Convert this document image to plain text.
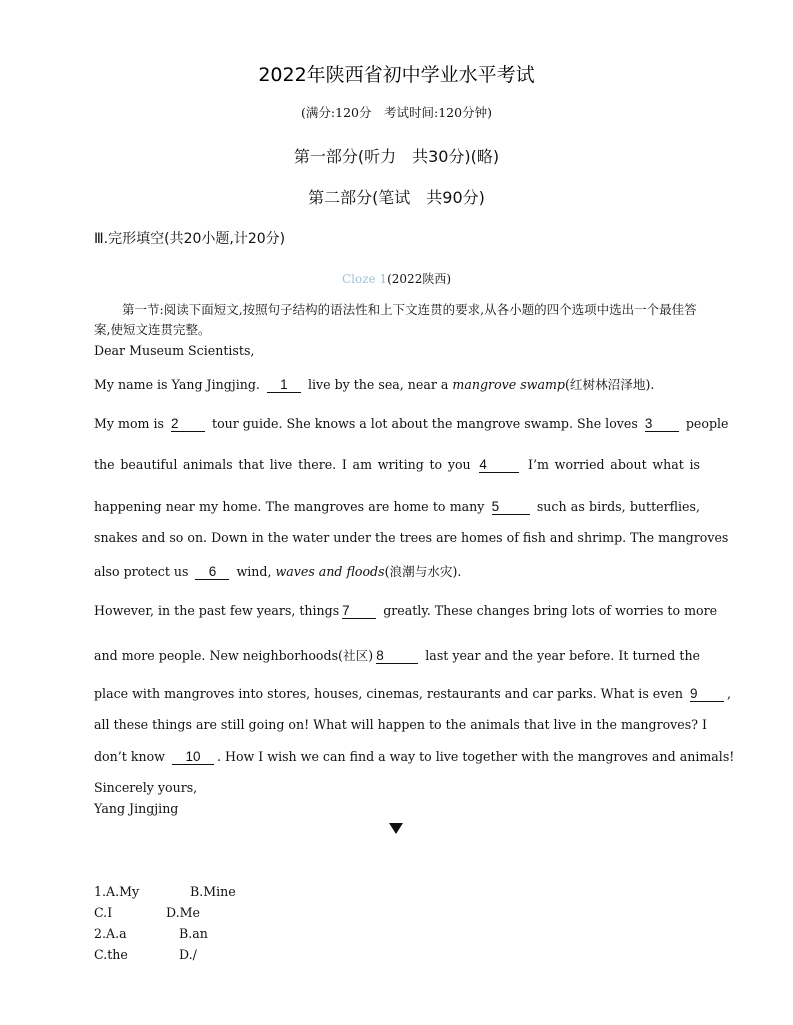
2022年陕西省初中学业水平考试
(满分:120分　考试时间:120分钟)
第一部分(听力　共30分)(略)
第二部分(笔试　共90分)
Ⅲ.完形填空(共20小题,计20分)
Cloze 1(2022陕西)
第一节:阅读下面短文,按照句子结构的语法性和上下文连贯的要求,从各小题的四个选项中选出一个最佳答案,使短文连贯完整。
Dear Museum Scientists,
My name is Yang Jingjing. 1 live by the sea, near a mangrove swamp(红树林沼泽地).
My mom is 2	tour guide. She knows a lot about the mangrove swamp. She loves 3	people
the beautiful animals that live there. I am writing to you 4	I’m worried about what is
happening near my home. The mangroves are home to many 5	such as birds, butterflies,
snakes and so on. Down in the water under the trees are homes of fish and shrimp. The mangroves
also protect us 6 wind, waves and floods(浪潮与水灾).
However, in the past few years, things 7	greatly. These changes bring lots of worries to more
and more people. New neighborhoods(社区) 8	last year and the year before. It turned the
place with mangroves into stores, houses, cinemas, restaurants and car parks. What is even 9 ,
all these things are still going on! What will happen to the animals that live in the mangroves? I
don’t know 10 . How I wish we can find a way to live together with the mangroves and animals!
Sincerely yours,
Yang Jingjing
1.A.My	B.Mine
C.I	D.Me
2.A.a	B.an
C.the	D./
